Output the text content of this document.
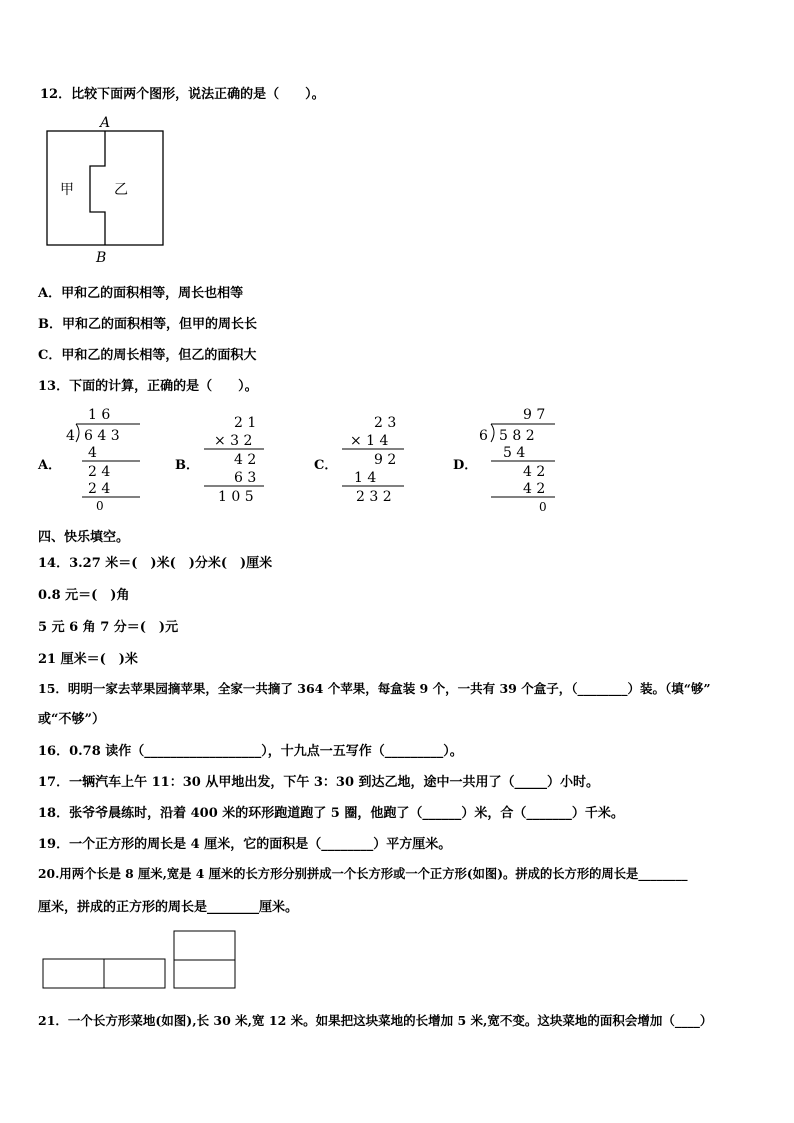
12．比较下面两个图形，说法正确的是（　　）。
A
B
甲	乙
A．甲和乙的面积相等，周长也相等
B．甲和乙的面积相等，但甲的周长长
C．甲和乙的周长相等，但乙的面积大
13．下面的计算，正确的是（　　）。
A．
1 6
4 6 4 3
4
2 4
2 4
0
B．
2 1
× 3 2
4 2
6 3
1 0 5
C．
2 3
× 1 4
9 2
1 4
2 3 2
D．
9 7
6 5 8 2
5 4
4 2
4 2
0
四、快乐填空。
14．3.27 米＝(　)米(　)分米(　)厘米
0.8 元＝(　)角
5 元 6 角 7 分＝(　)元
21 厘米＝(　)米
15．明明一家去苹果园摘苹果，全家一共摘了 364 个苹果，每盒装 9 个，一共有 39 个盒子，（________）装。（填“够”
或“不够”）
16．0.78 读作（__________________），十九点一五写作（_________）。
17．一辆汽车上午 11：30 从甲地出发，下午 3：30 到达乙地，途中一共用了（_____）小时。
18．张爷爷晨练时，沿着 400 米的环形跑道跑了 5 圈，他跑了（______）米，合（_______）千米。
19．一个正方形的周长是 4 厘米，它的面积是（________）平方厘米。
20.用两个长是 8 厘米,宽是 4 厘米的长方形分别拼成一个长方形或一个正方形(如图)。拼成的长方形的周长是________
厘米，拼成的正方形的周长是________厘米。
21．一个长方形菜地(如图),长 30 米,宽 12 米。如果把这块菜地的长增加 5 米,宽不变。这块菜地的面积会增加（____）
